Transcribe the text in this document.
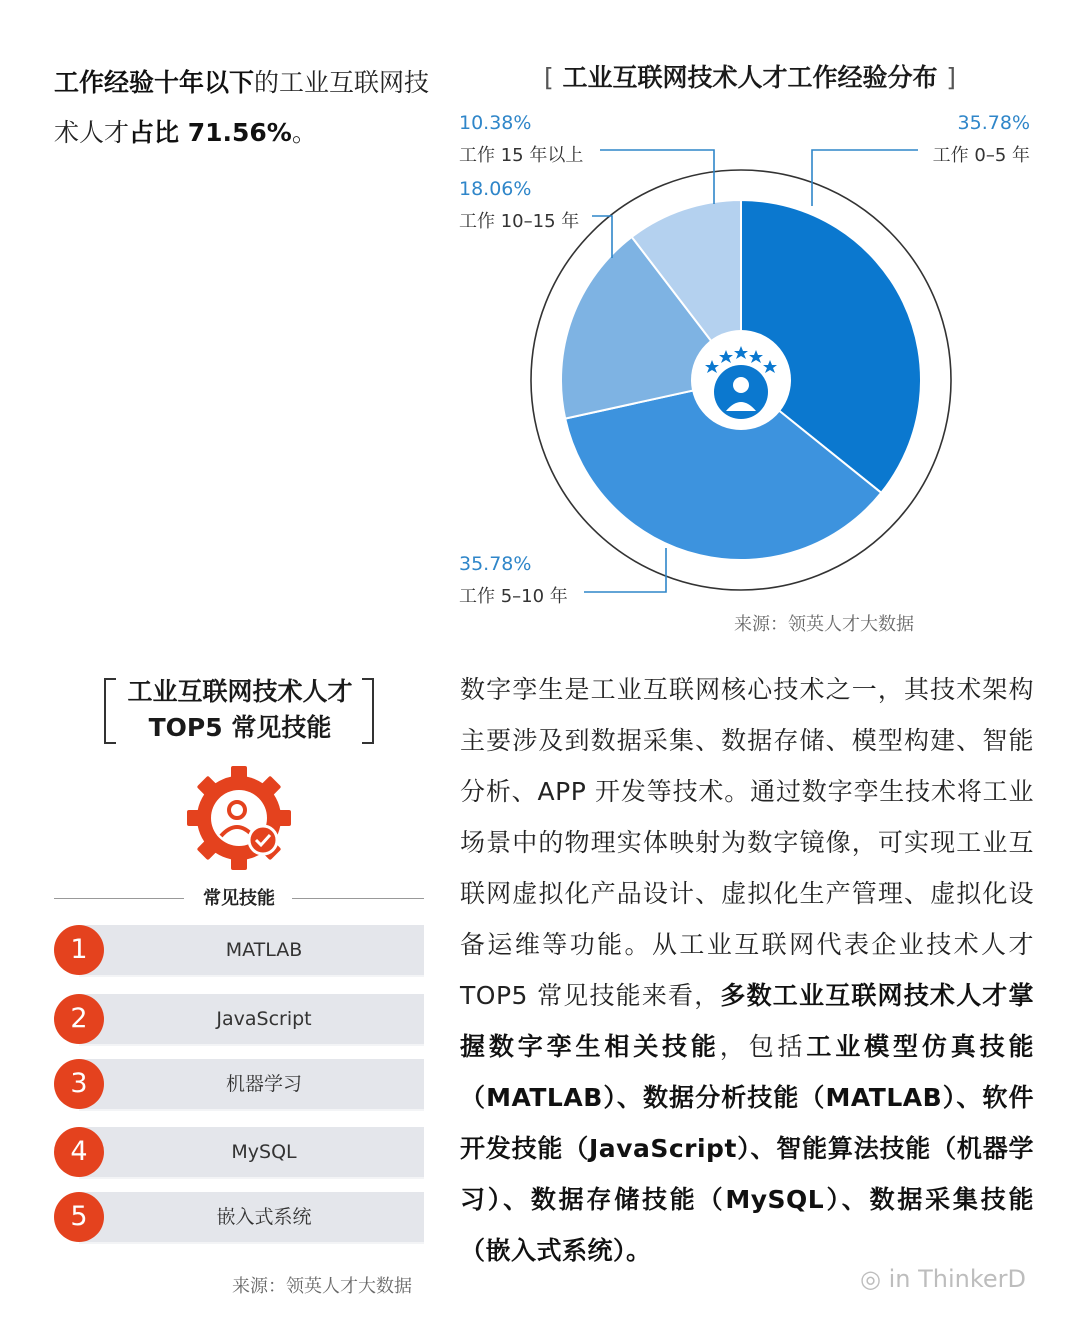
工作经验十年以下的工业互联网技术人才占比 71.56%。
[ 工业互联网技术人才工作经验分布 ]
35.78%
工作 0–5 年
10.38%
工作 15 年以上
18.06%
工作 10–15 年
35.78%
工作 5–10 年
来源：领英人才大数据
工业互联网技术人才
TOP5 常见技能
常见技能
1	MATLAB
2	JavaScript
3	机器学习
4	MySQL
5	嵌入式系统
来源：领英人才大数据
数字孪生是工业互联网核心技术之一，其技术架构主要涉及到数据采集、数据存储、模型构建、智能分析、APP 开发等技术。通过数字孪生技术将工业场景中的物理实体映射为数字镜像，可实现工业互联网虚拟化产品设计、虚拟化生产管理、虚拟化设备运维等功能。从工业互联网代表企业技术人才 TOP5 常见技能来看，多数工业互联网技术人才掌握数字孪生相关技能，包括工业模型仿真技能（MATLAB）、数据分析技能（MATLAB）、软件开发技能（JavaScript）、智能算法技能（机器学习）、数据存储技能（MySQL）、数据采集技能（嵌入式系统）。
◎ in ThinkerD
